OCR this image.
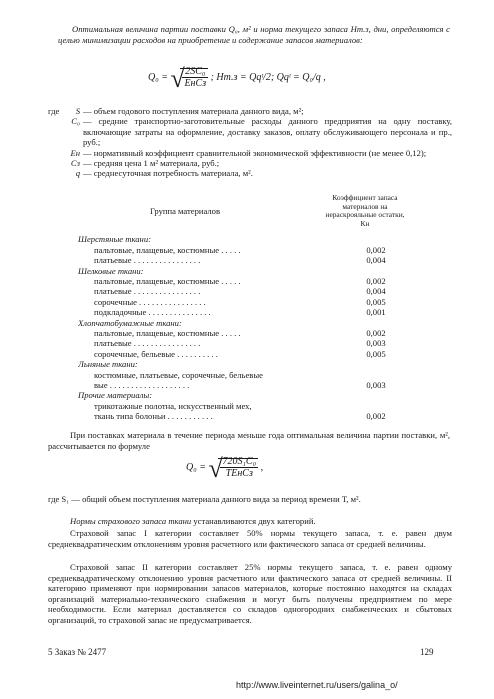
Оптимальная величина партии поставки Q₀, м² и норма текущего запаса Нт.з, дни, определяются с целью минимизации расходов на приобретение и содержание запасов материалов:
Q₀ = √
$\frac{\text{2SC₀}}{\text{EнCз}}$ ; Hт.з = Qqᵗ/2; Qqᵗ = Q₀/q ,
где	S — объем годового поступления материала данного вида, м²;
C₀ — средние транспортно-заготовительные расходы данного предприятия на одну поставку, включающие затраты на оформление, доставку заказов, оплату обслуживающего персонала и пр., руб.;
Eн — нормативный коэффициент сравнительной экономической эффективности (не менее 0,12);
Cз — средняя цена 1 м² материала, руб.;
q — среднесуточная потребность материала, м².
Группа материалов
Коэффициент запаса материалов на нераскрояльные остатки, Кн
Шерстяные ткани:
пальтовые, плащевые, костюмные . . . . .	0,002
платьевые . . . . . . . . . . . . . . . .	0,004
Шелковые ткани:
пальтовые, плащевые, костюмные . . . . .	0,002
платьевые . . . . . . . . . . . . . . . .	0,004
сорочечные . . . . . . . . . . . . . . . .	0,005
подкладочные . . . . . . . . . . . . . . .	0,001
Хлопчатобумажные ткани:
пальтовые, плащевые, костюмные . . . . .	0,002
платьевые . . . . . . . . . . . . . . . .	0,003
сорочечные, бельевые . . . . . . . . . .	0,005
Льняные ткани:
костюмные, платьевые, сорочечные, бельевые
вые . . . . . . . . . . . . . . . . . . .	0,003
Прочие материалы:
трикотажные полотна, искусственный мех,
ткань типа болоньи . . . . . . . . . . .	0,002
При поставках материала в течение периода меньше года оптимальная величина партии поставки, м², рассчитывается по формуле
Q₀ = √
$\frac{\text{720S₁C₀}}{\text{TEнCз}}$ ,
где S₁ — общий объем поступления материала данного вида за период времени Т, м².
Нормы страхового запаса ткани устанавливаются двух категорий.
Страховой запас I категории составляет 50% нормы текущего запаса, т. е. равен двум среднеквадратическим отклонениям уровня расчетного или фактического запаса от средней величины.
Страховой запас II категории составляет 25% нормы текущего запаса, т. е. равен одному среднеквадратическому отклонению уровня расчетного или фактического запаса от средней величины. II категорию применяют при нормировании запасов материалов, которые постоянно находятся на складах организаций материально-технического снабжения и могут быть получены предприятием по мере необходимости. Если материал доставляется со складов одногородних снабженческих и сбытовых организаций, то страховой запас не предусматривается.
5 Заказ № 2477	129
http://www.liveinternet.ru/users/galina_o/
